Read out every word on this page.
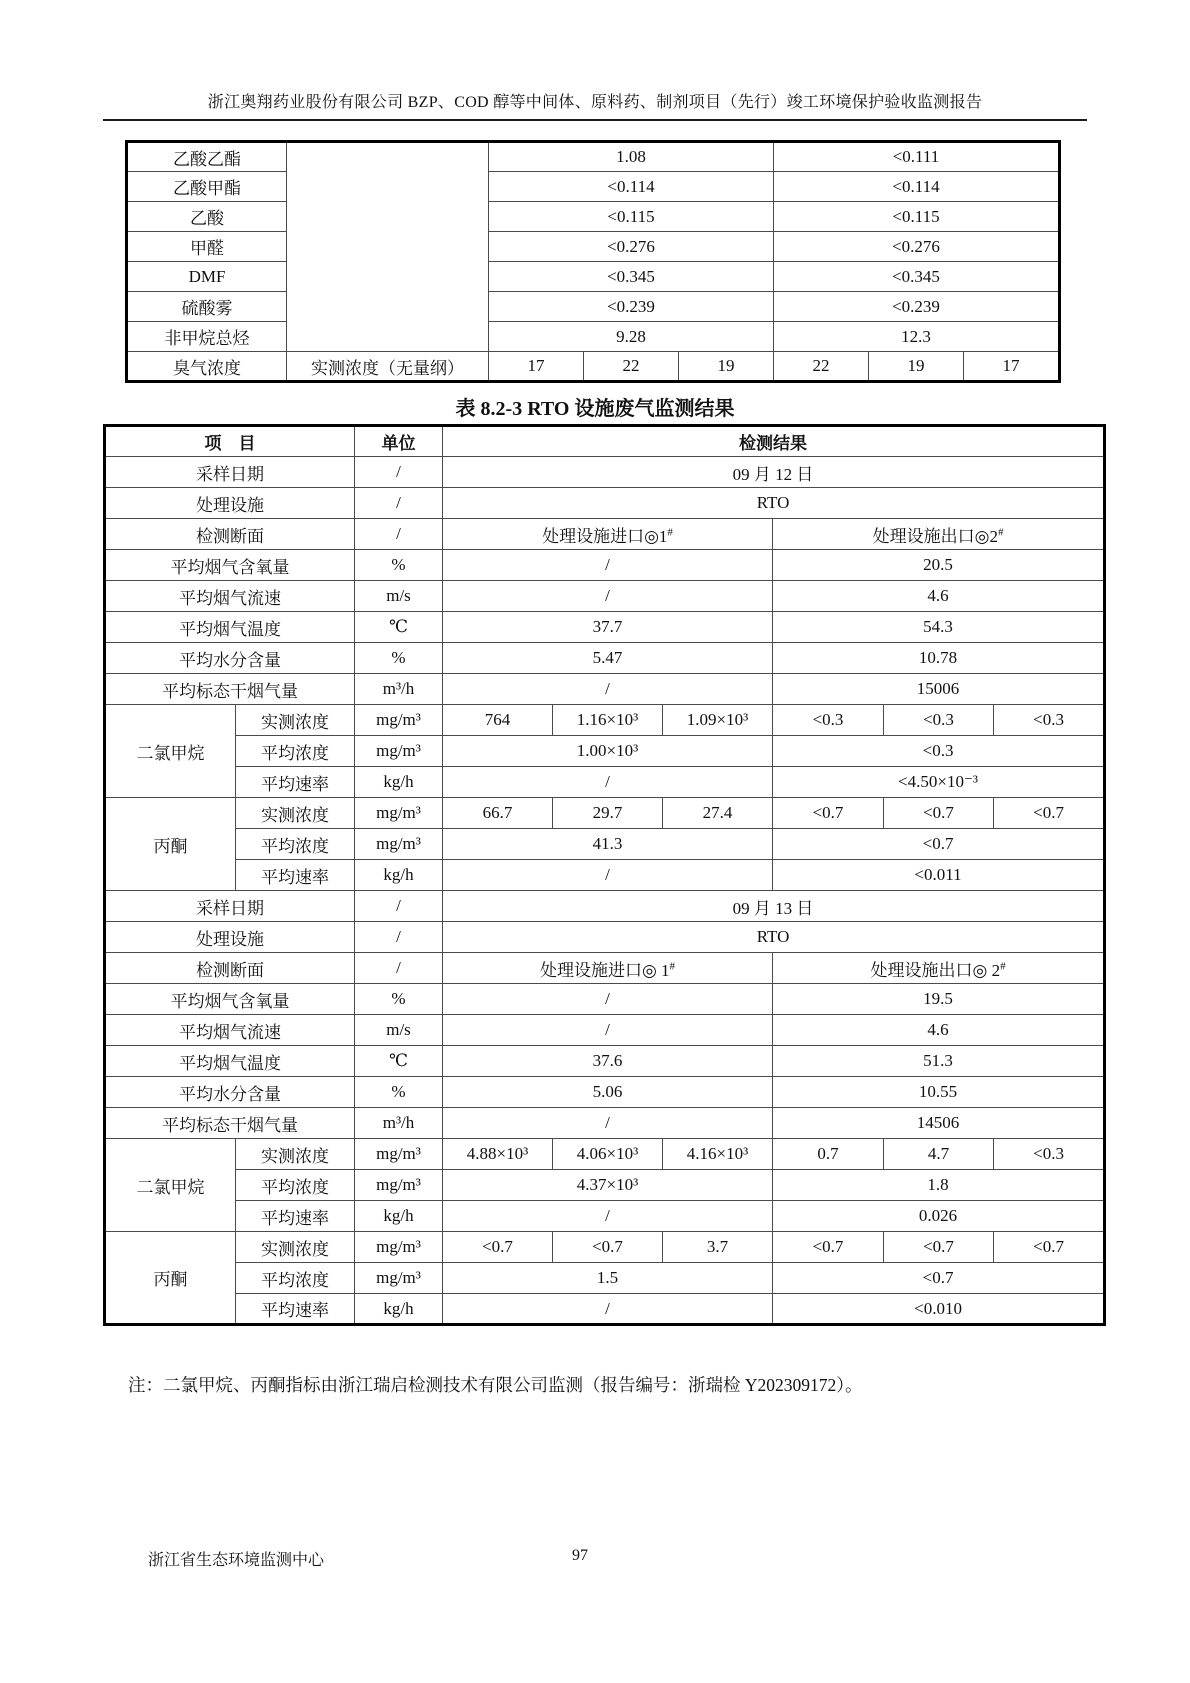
浙江奥翔药业股份有限公司 BZP、COD 醇等中间体、原料药、制剂项目（先行）竣工环境保护验收监测报告
乙酸乙酯		1.08			<0.111		
乙酸甲酯		<0.114			<0.114		
乙酸		<0.115			<0.115		
甲醛		<0.276			<0.276		
DMF		<0.345			<0.345		
硫酸雾		<0.239			<0.239		
非甲烷总烃		9.28			12.3		
臭气浓度	实测浓度（无量纲）	17	22	19	22	19	17
表 8.2-3 RTO 设施废气监测结果
项　目		单位	检测结果					
采样日期		/	09 月 12 日					
处理设施		/	RTO					
检测断面		/	处理设施进口◎1#			处理设施出口◎2#
平均烟气含氧量		%	/			20.5		
平均烟气流速		m/s	/			4.6		
平均烟气温度		℃	37.7			54.3		
平均水分含量		%	5.47			10.78		
平均标态干烟气量		m³/h	/			15006		
二氯甲烷	实测浓度	mg/m³	764	1.16×10³	1.09×10³	<0.3	<0.3	<0.3
	平均浓度	mg/m³	1.00×10³			<0.3		
	平均速率	kg/h	/			<4.50×10⁻³		
丙酮	实测浓度	mg/m³	66.7	29.7	27.4	<0.7	<0.7	<0.7
	平均浓度	mg/m³	41.3			<0.7		
	平均速率	kg/h	/			<0.011		
采样日期		/	09 月 13 日					
处理设施		/	RTO					
检测断面		/	处理设施进口◎ 1#			处理设施出口◎ 2#
平均烟气含氧量		%	/			19.5		
平均烟气流速		m/s	/			4.6		
平均烟气温度		℃	37.6			51.3		
平均水分含量		%	5.06			10.55		
平均标态干烟气量		m³/h	/			14506		
二氯甲烷	实测浓度	mg/m³	4.88×10³	4.06×10³	4.16×10³	0.7	4.7	<0.3
	平均浓度	mg/m³	4.37×10³			1.8		
	平均速率	kg/h	/			0.026		
丙酮	实测浓度	mg/m³	<0.7	<0.7	3.7	<0.7	<0.7	<0.7
	平均浓度	mg/m³	1.5			<0.7		
	平均速率	kg/h	/			<0.010		
注：二氯甲烷、丙酮指标由浙江瑞启检测技术有限公司监测（报告编号：浙瑞检 Y202309172）。
浙江省生态环境监测中心	97
